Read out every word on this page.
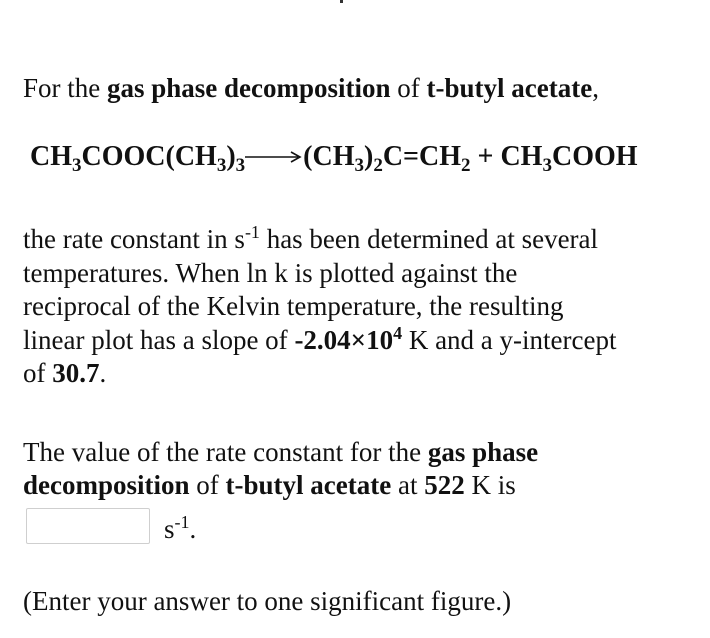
For the gas phase decomposition of t-butyl acetate,
$CH_3COOC(CH_3)_3\to(CH_3)_2C=CH_2$ + $CH_3COOH$
the rate constant in $s^{-1}$ has been determined at several
temperatures. When ln k is plotted against the
reciprocal of the Kelvin temperature, the resulting
linear plot has a slope of $-2.04\times 10^4$ K and a y-intercept
of 30.7.
The value of the rate constant for the gas phase
decomposition of t-butyl acetate at 522 K is
$s^{-1}$.
(Enter your answer to one significant figure.)
